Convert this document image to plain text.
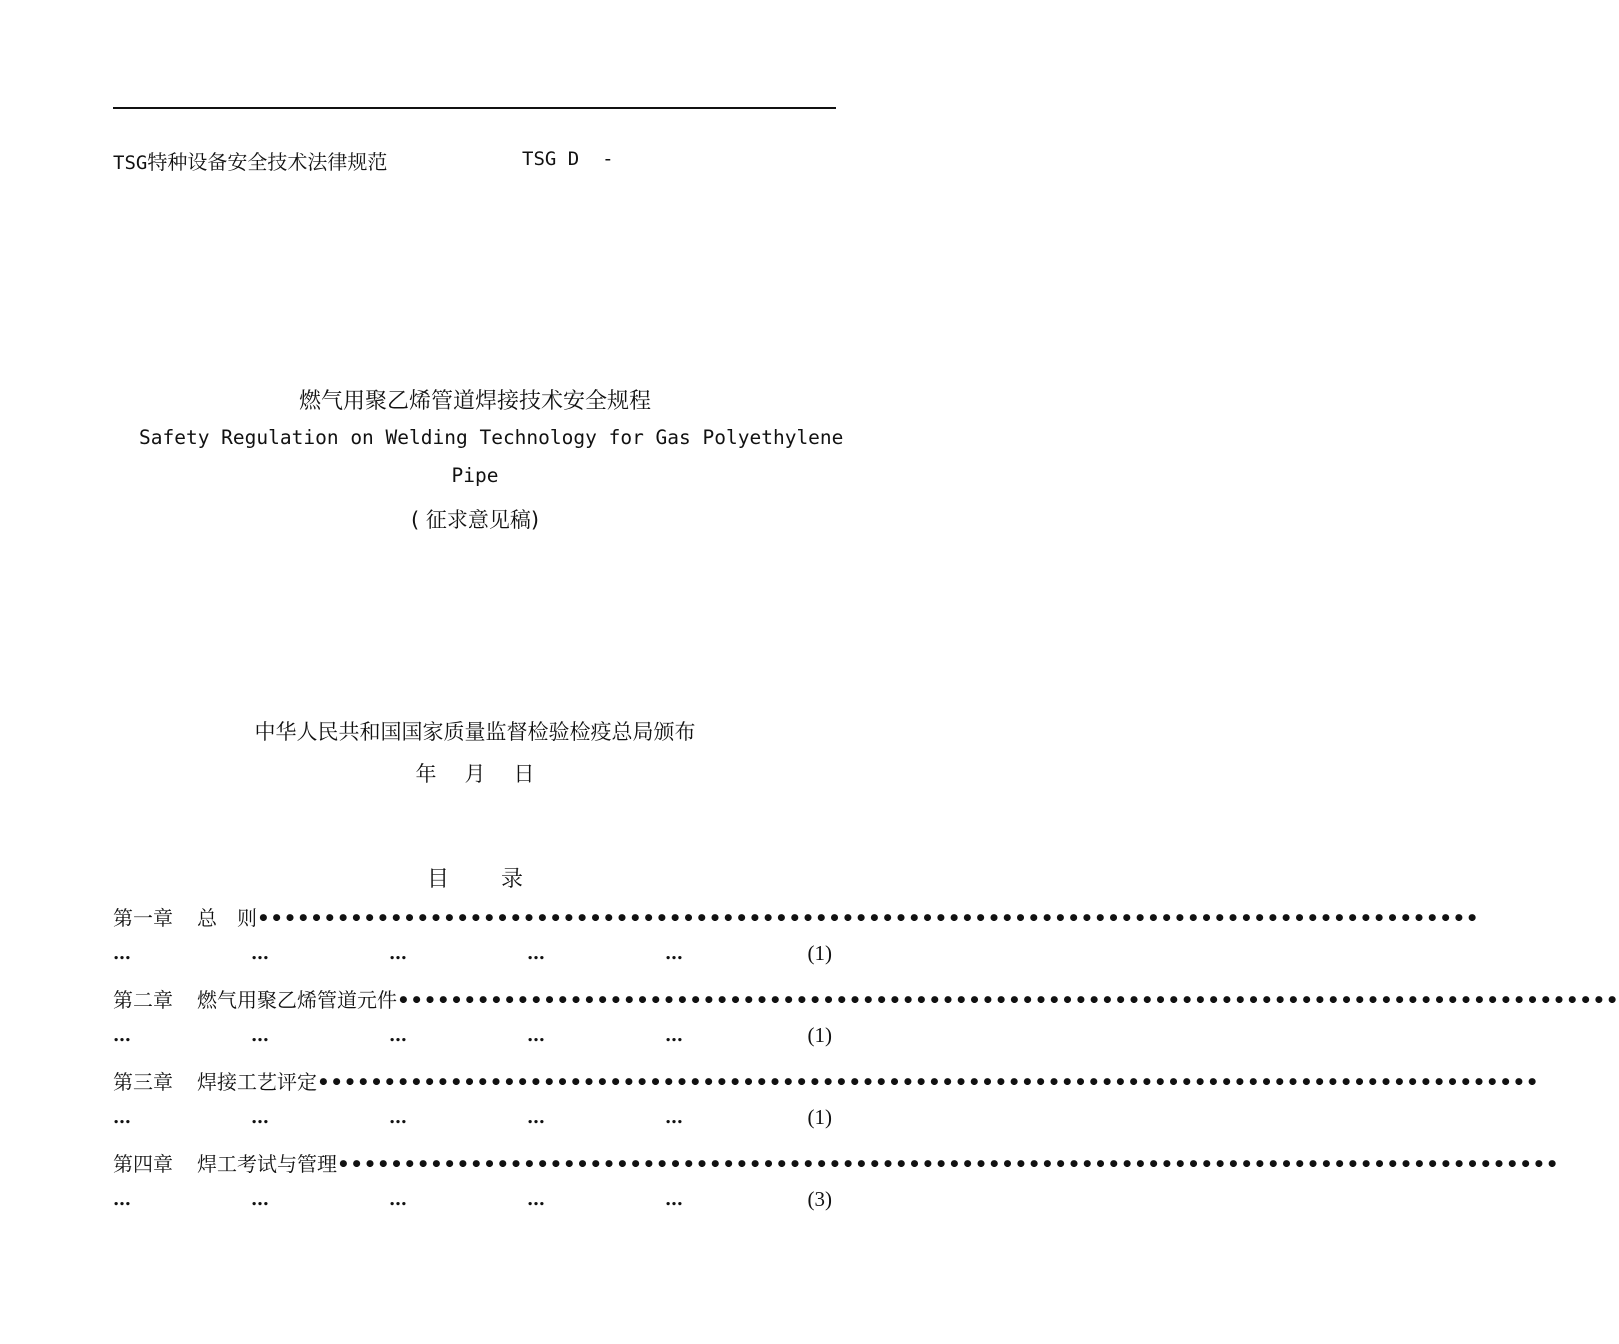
TSG特种设备安全技术法律规范	TSG D  -
燃气用聚乙烯管道焊接技术安全规程
Safety Regulation on Welding Technology for Gas Polyethylene
Pipe
( 征求意见稿)
中华人民共和国国家质量监督检验检疫总局颁布
年 月 日
目 录
第一章 总　则 ••••••••••••••••••••••••••••••••••••••••••••••••••••••••••••••••••••••••••••••••••••••••••••
…	…	…	…	…	(1)
第二章 燃气用聚乙烯管道元件 ••••••••••••••••••••••••••••••••••••••••••••••••••••••••••••••••••••••••••••••••••••••••••••
…	…	…	…	…	(1)
第三章 焊接工艺评定 ••••••••••••••••••••••••••••••••••••••••••••••••••••••••••••••••••••••••••••••••••••••••••••
…	…	…	…	…	(1)
第四章 焊工考试与管理 ••••••••••••••••••••••••••••••••••••••••••••••••••••••••••••••••••••••••••••••••••••••••••••
…	…	…	…	…	(3)
